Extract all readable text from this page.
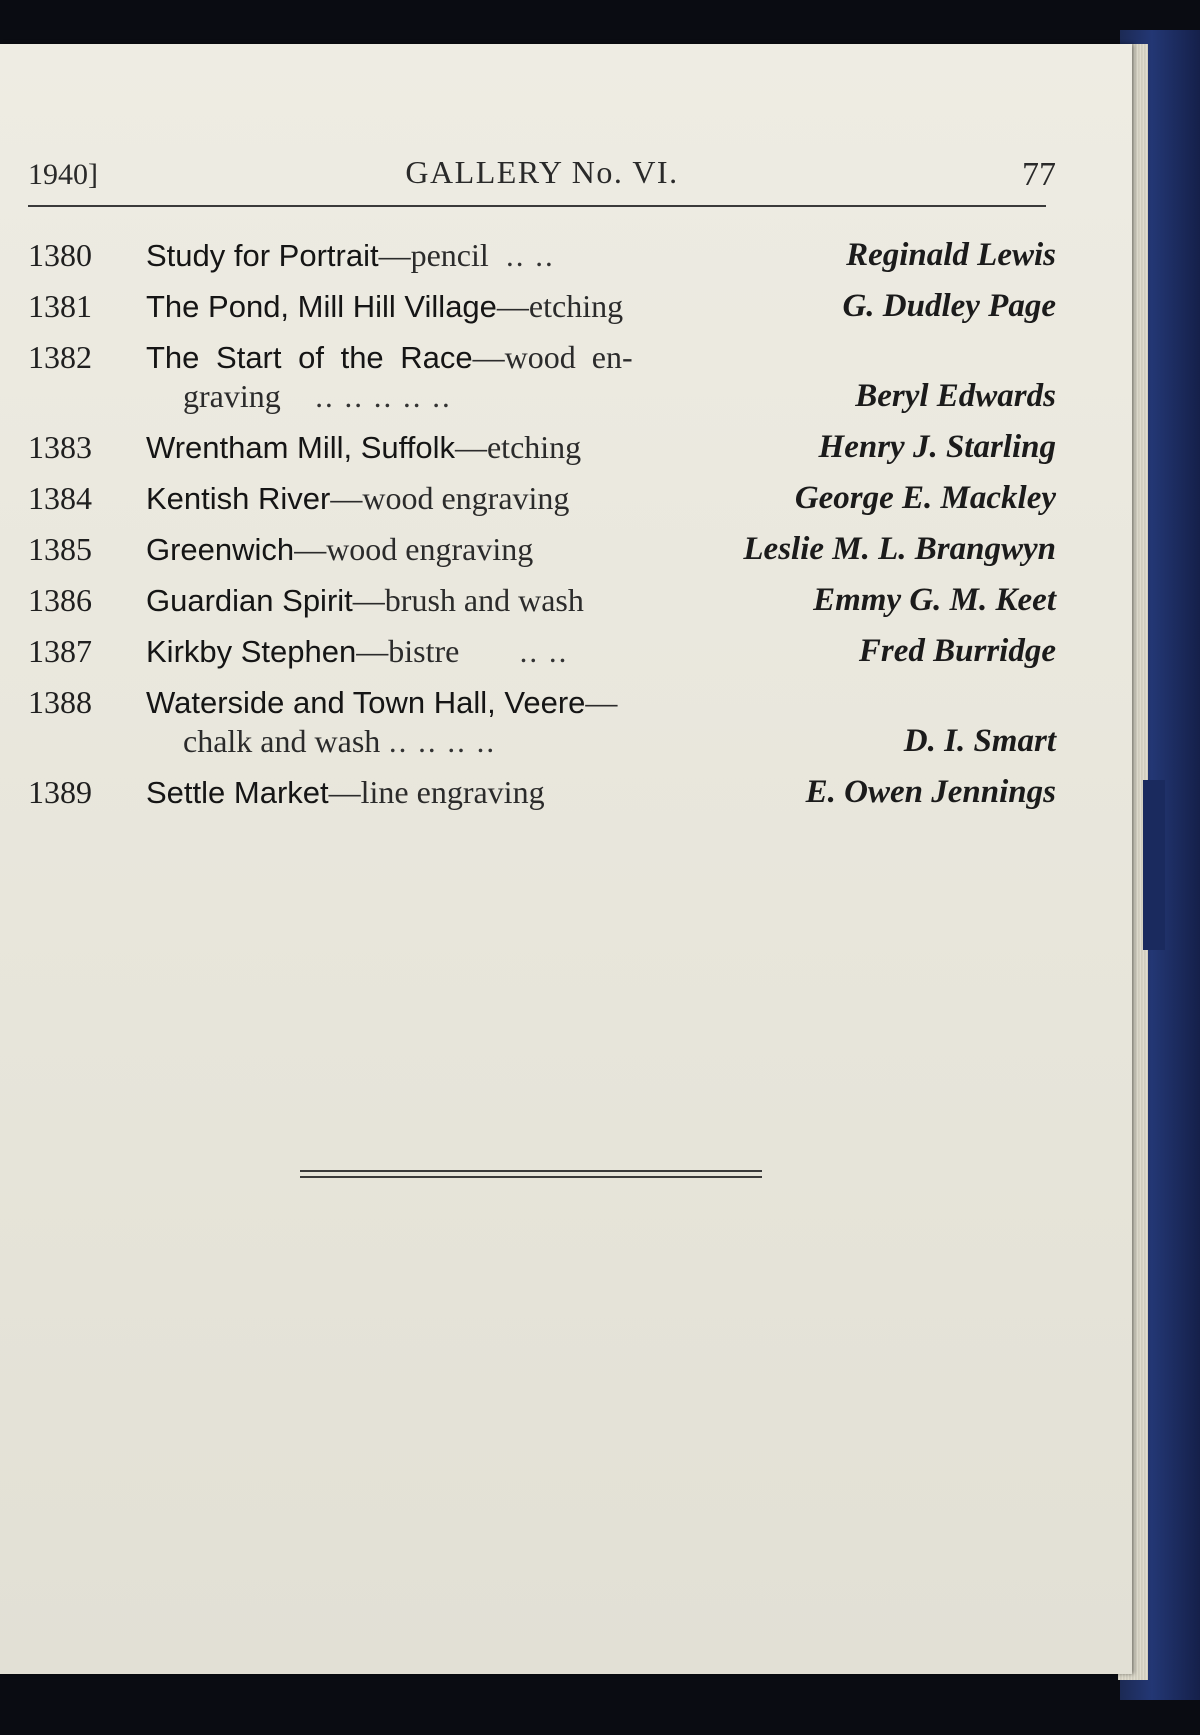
1940]	GALLERY No. VI.	77
1380 Study for Portrait—pencil .. ..	Reginald Lewis
1381 The Pond, Mill Hill Village—etching	G. Dudley Page
1382 The Start of the Race—wood en-
graving .. .. .. .. ..	Beryl Edwards
1383 Wrentham Mill, Suffolk—etching	Henry J. Starling
1384 Kentish River—wood engraving	George E. Mackley
1385 Greenwich—wood engraving	Leslie M. L. Brangwyn
1386 Guardian Spirit—brush and wash	Emmy G. M. Keet
1387 Kirkby Stephen—bistre .. ..	Fred Burridge
1388 Waterside and Town Hall, Veere—
chalk and wash .. .. .. ..	D. I. Smart
1389 Settle Market—line engraving	E. Owen Jennings
